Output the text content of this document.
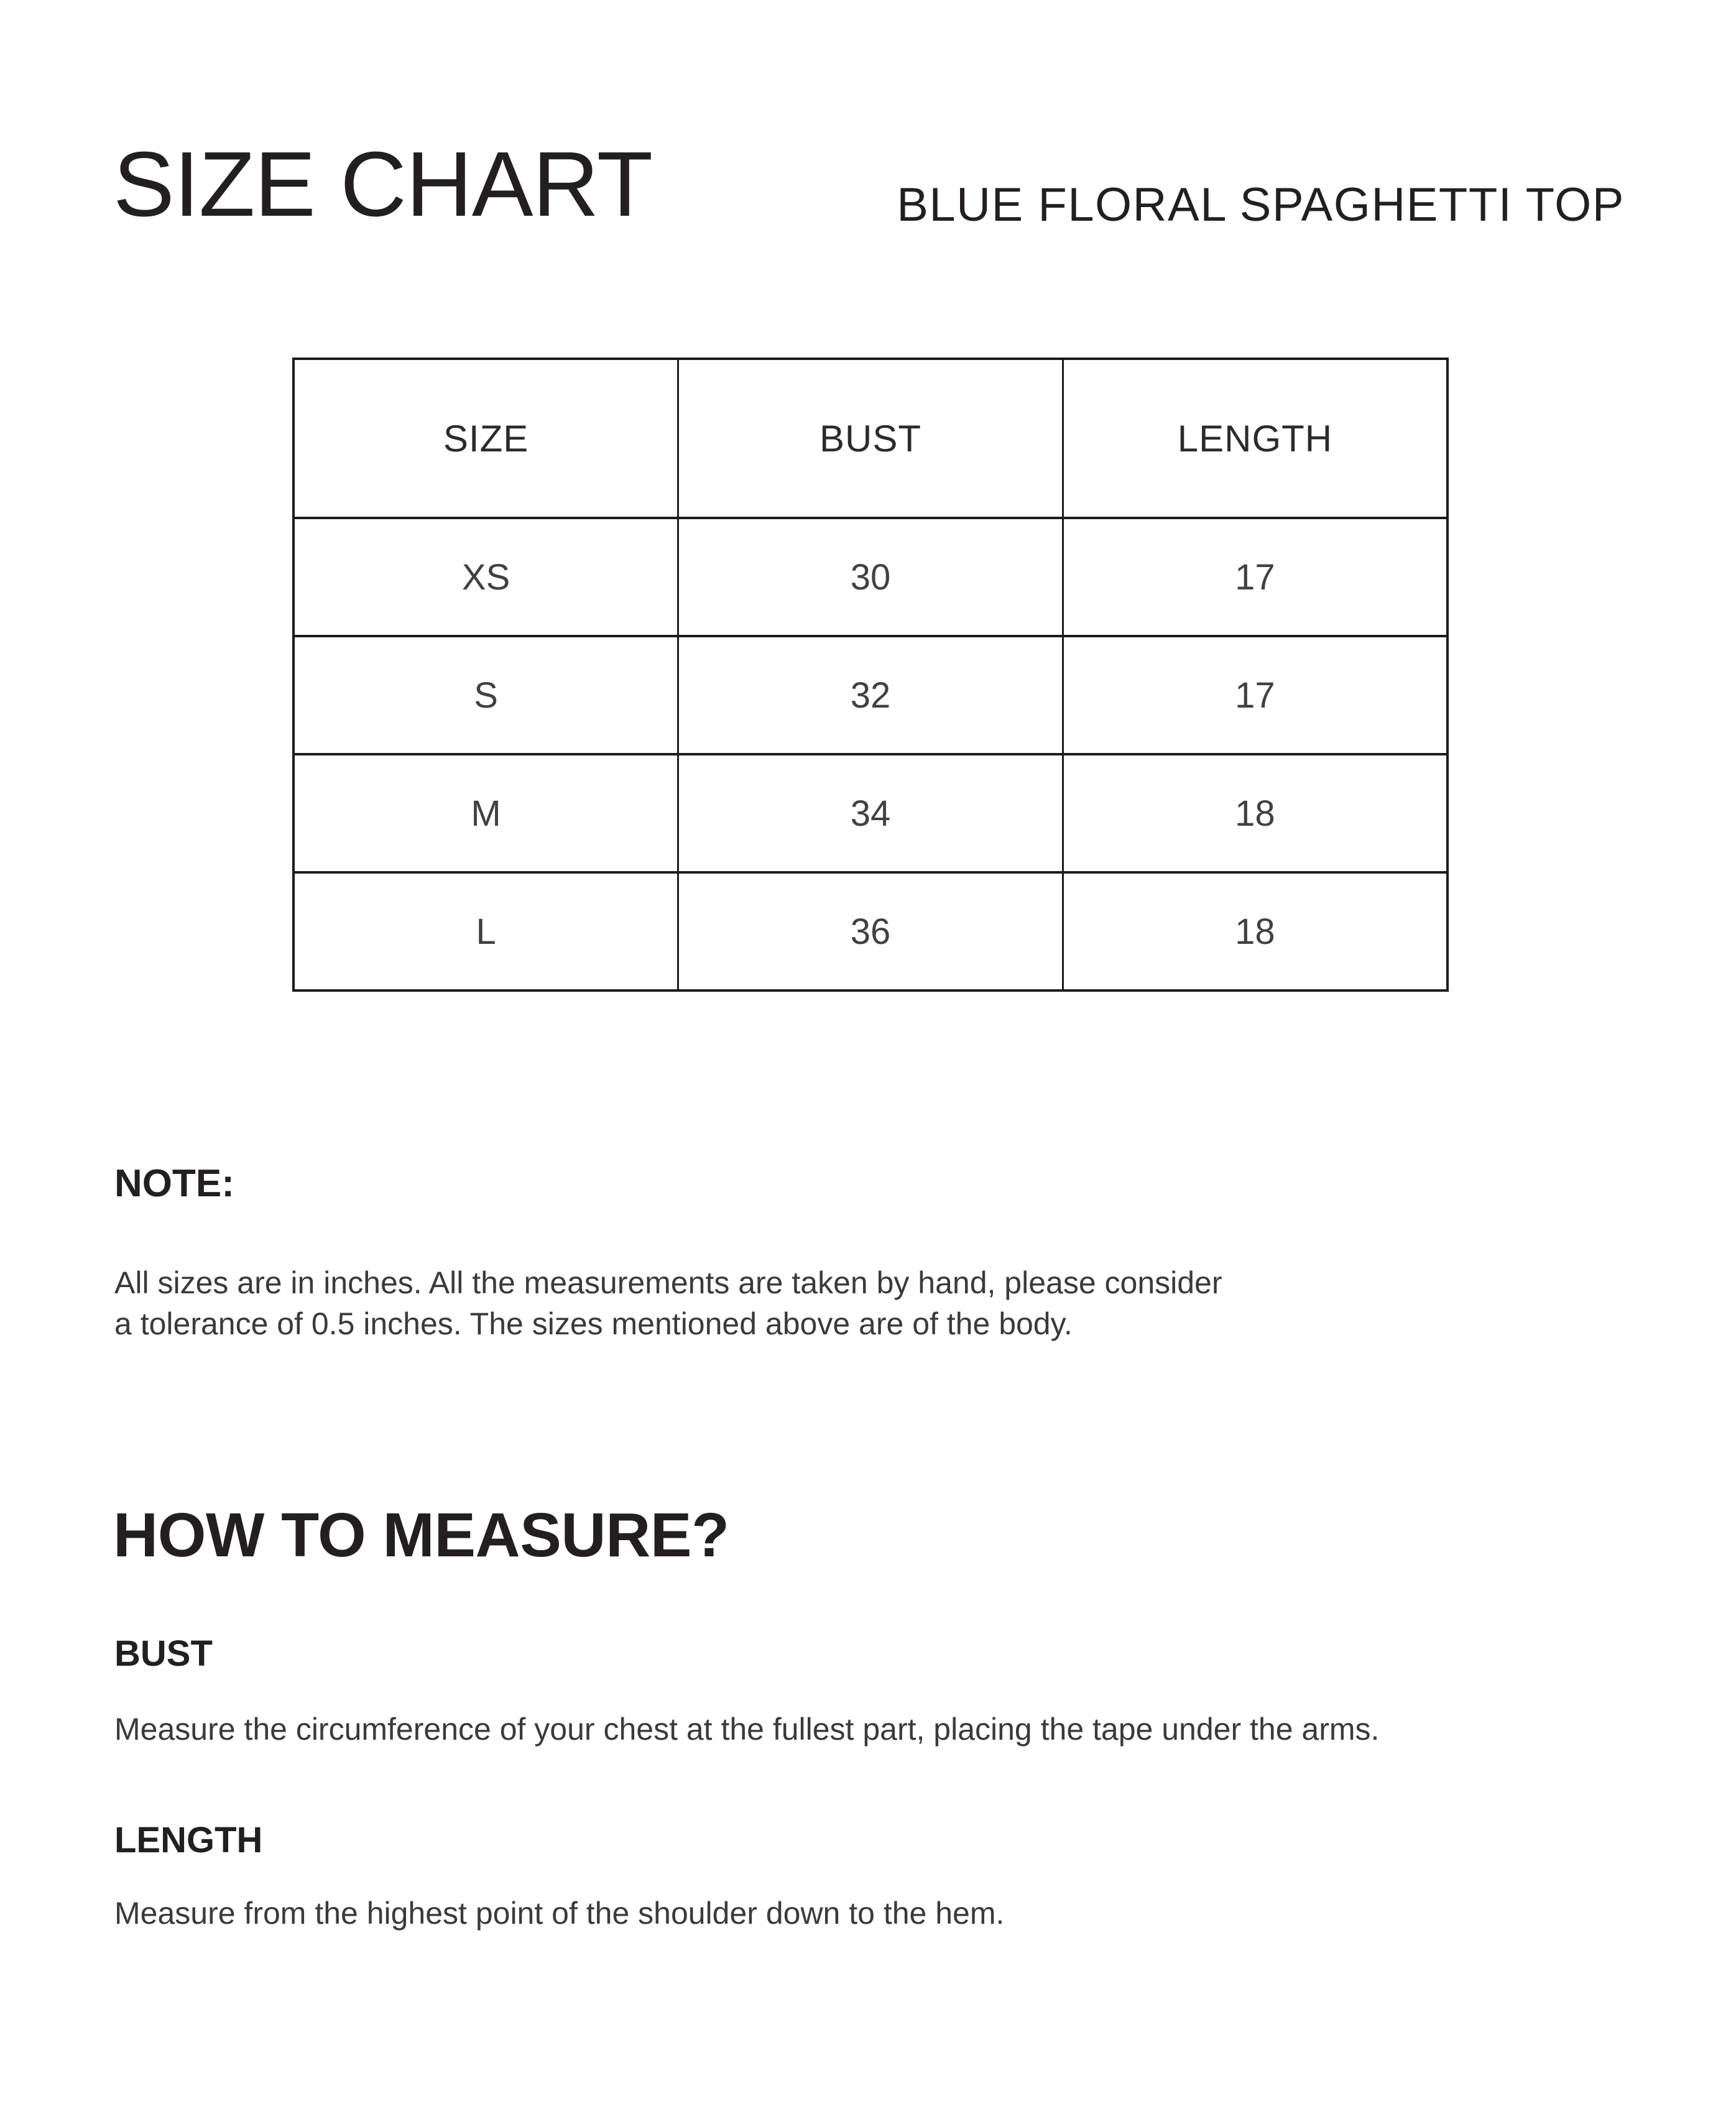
SIZE CHART	BLUE FLORAL SPAGHETTI TOP
SIZE	BUST	LENGTH
XS	30	17
S	32	17
M	34	18
L	36	18
NOTE:
All sizes are in inches. All the measurements are taken by hand, please consider
a tolerance of 0.5 inches. The sizes mentioned above are of the body.
HOW TO MEASURE?
BUST
Measure the circumference of your chest at the fullest part, placing the tape under the arms.
LENGTH
Measure from the highest point of the shoulder down to the hem.
